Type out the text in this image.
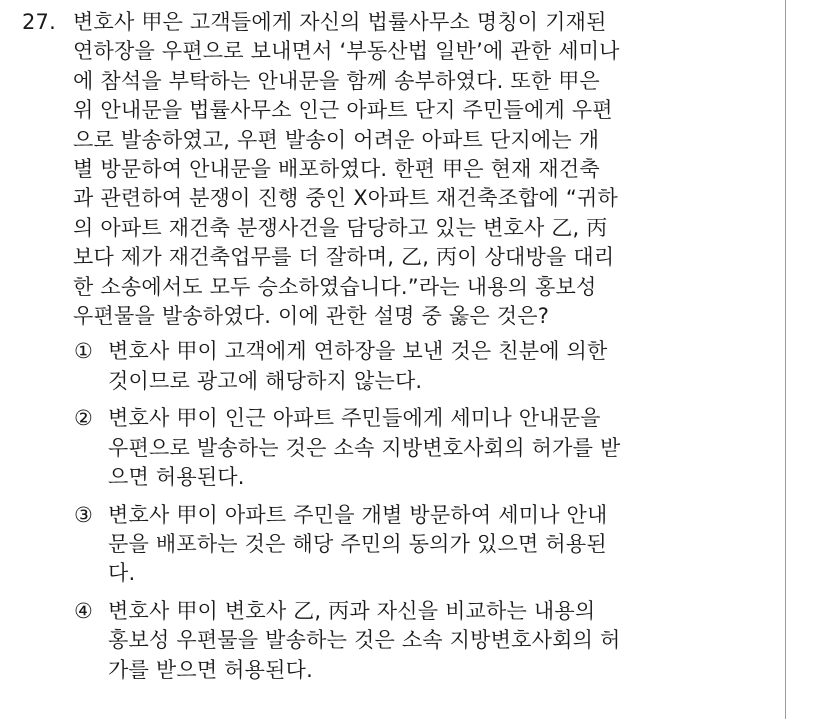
27. 변호사 甲은 고객들에게 자신의 법률사무소 명칭이 기재된
연하장을 우편으로 보내면서 ‘부동산법 일반’에 관한 세미나
에 참석을 부탁하는 안내문을 함께 송부하였다. 또한 甲은
위 안내문을 법률사무소 인근 아파트 단지 주민들에게 우편
으로 발송하였고, 우편 발송이 어려운 아파트 단지에는 개
별 방문하여 안내문을 배포하였다. 한편 甲은 현재 재건축
과 관련하여 분쟁이 진행 중인 X아파트 재건축조합에 “귀하
의 아파트 재건축 분쟁사건을 담당하고 있는 변호사 乙, 丙
보다 제가 재건축업무를 더 잘하며, 乙, 丙이 상대방을 대리
한 소송에서도 모두 승소하였습니다.”라는 내용의 홍보성
우편물을 발송하였다. 이에 관한 설명 중 옳은 것은?
① 변호사 甲이 고객에게 연하장을 보낸 것은 친분에 의한
것이므로 광고에 해당하지 않는다.
② 변호사 甲이 인근 아파트 주민들에게 세미나 안내문을
우편으로 발송하는 것은 소속 지방변호사회의 허가를 받
으면 허용된다.
③ 변호사 甲이 아파트 주민을 개별 방문하여 세미나 안내
문을 배포하는 것은 해당 주민의 동의가 있으면 허용된
다.
④ 변호사 甲이 변호사 乙, 丙과 자신을 비교하는 내용의
홍보성 우편물을 발송하는 것은 소속 지방변호사회의 허
가를 받으면 허용된다.
